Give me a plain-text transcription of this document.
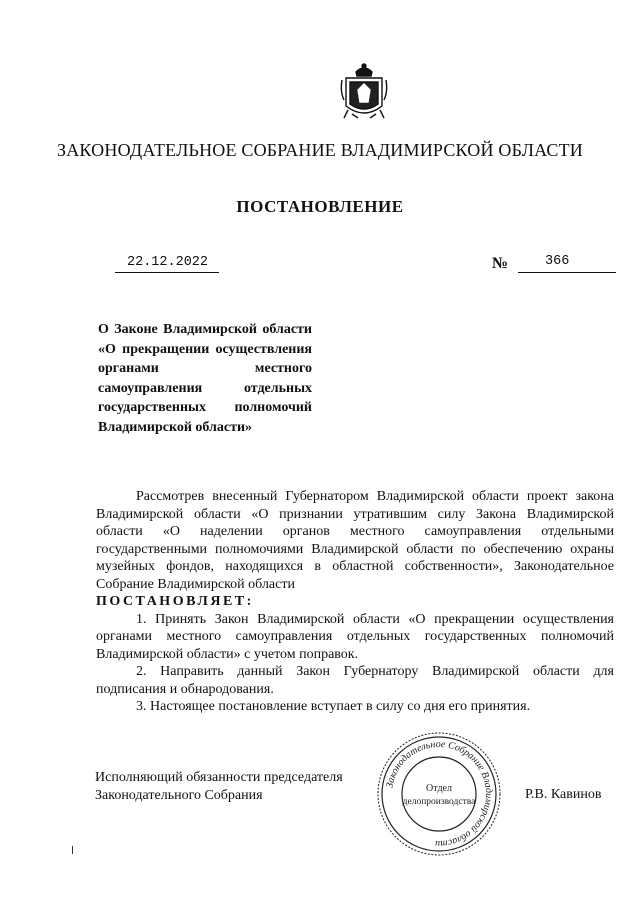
ЗАКОНОДАТЕЛЬНОЕ СОБРАНИЕ ВЛАДИМИРСКОЙ ОБЛАСТИ
ПОСТАНОВЛЕНИЕ
22.12.2022	№	366
О Законе Владимирской области «О прекращении осуществления органами местного самоуправления отдельных государственных полномочий Владимирской области»

Рассмотрев внесенный Губернатором Владимирской области проект закона Владимирской области «О признании утратившим силу Закона Владимирской области «О наделении органов местного самоуправления отдельными государственными полномочиями Владимирской области по обеспечению охраны музейных фондов, находящихся в областной собственности», Законодательное Собрание Владимирской области

ПОСТАНОВЛЯЕТ:

1. Принять Закон Владимирской области «О прекращении осуществления органами местного самоуправления отдельных государственных полномочий Владимирской области» с учетом поправок.

2. Направить данный Закон Губернатору Владимирской области для подписания и обнародования.

3. Настоящее постановление вступает в силу со дня его принятия.

Исполняющий обязанности председателя
Законодательного Собрания	Р.В. Кавинов
Законодательное Собрание Владимирской области
Отдел
делопроизводства
